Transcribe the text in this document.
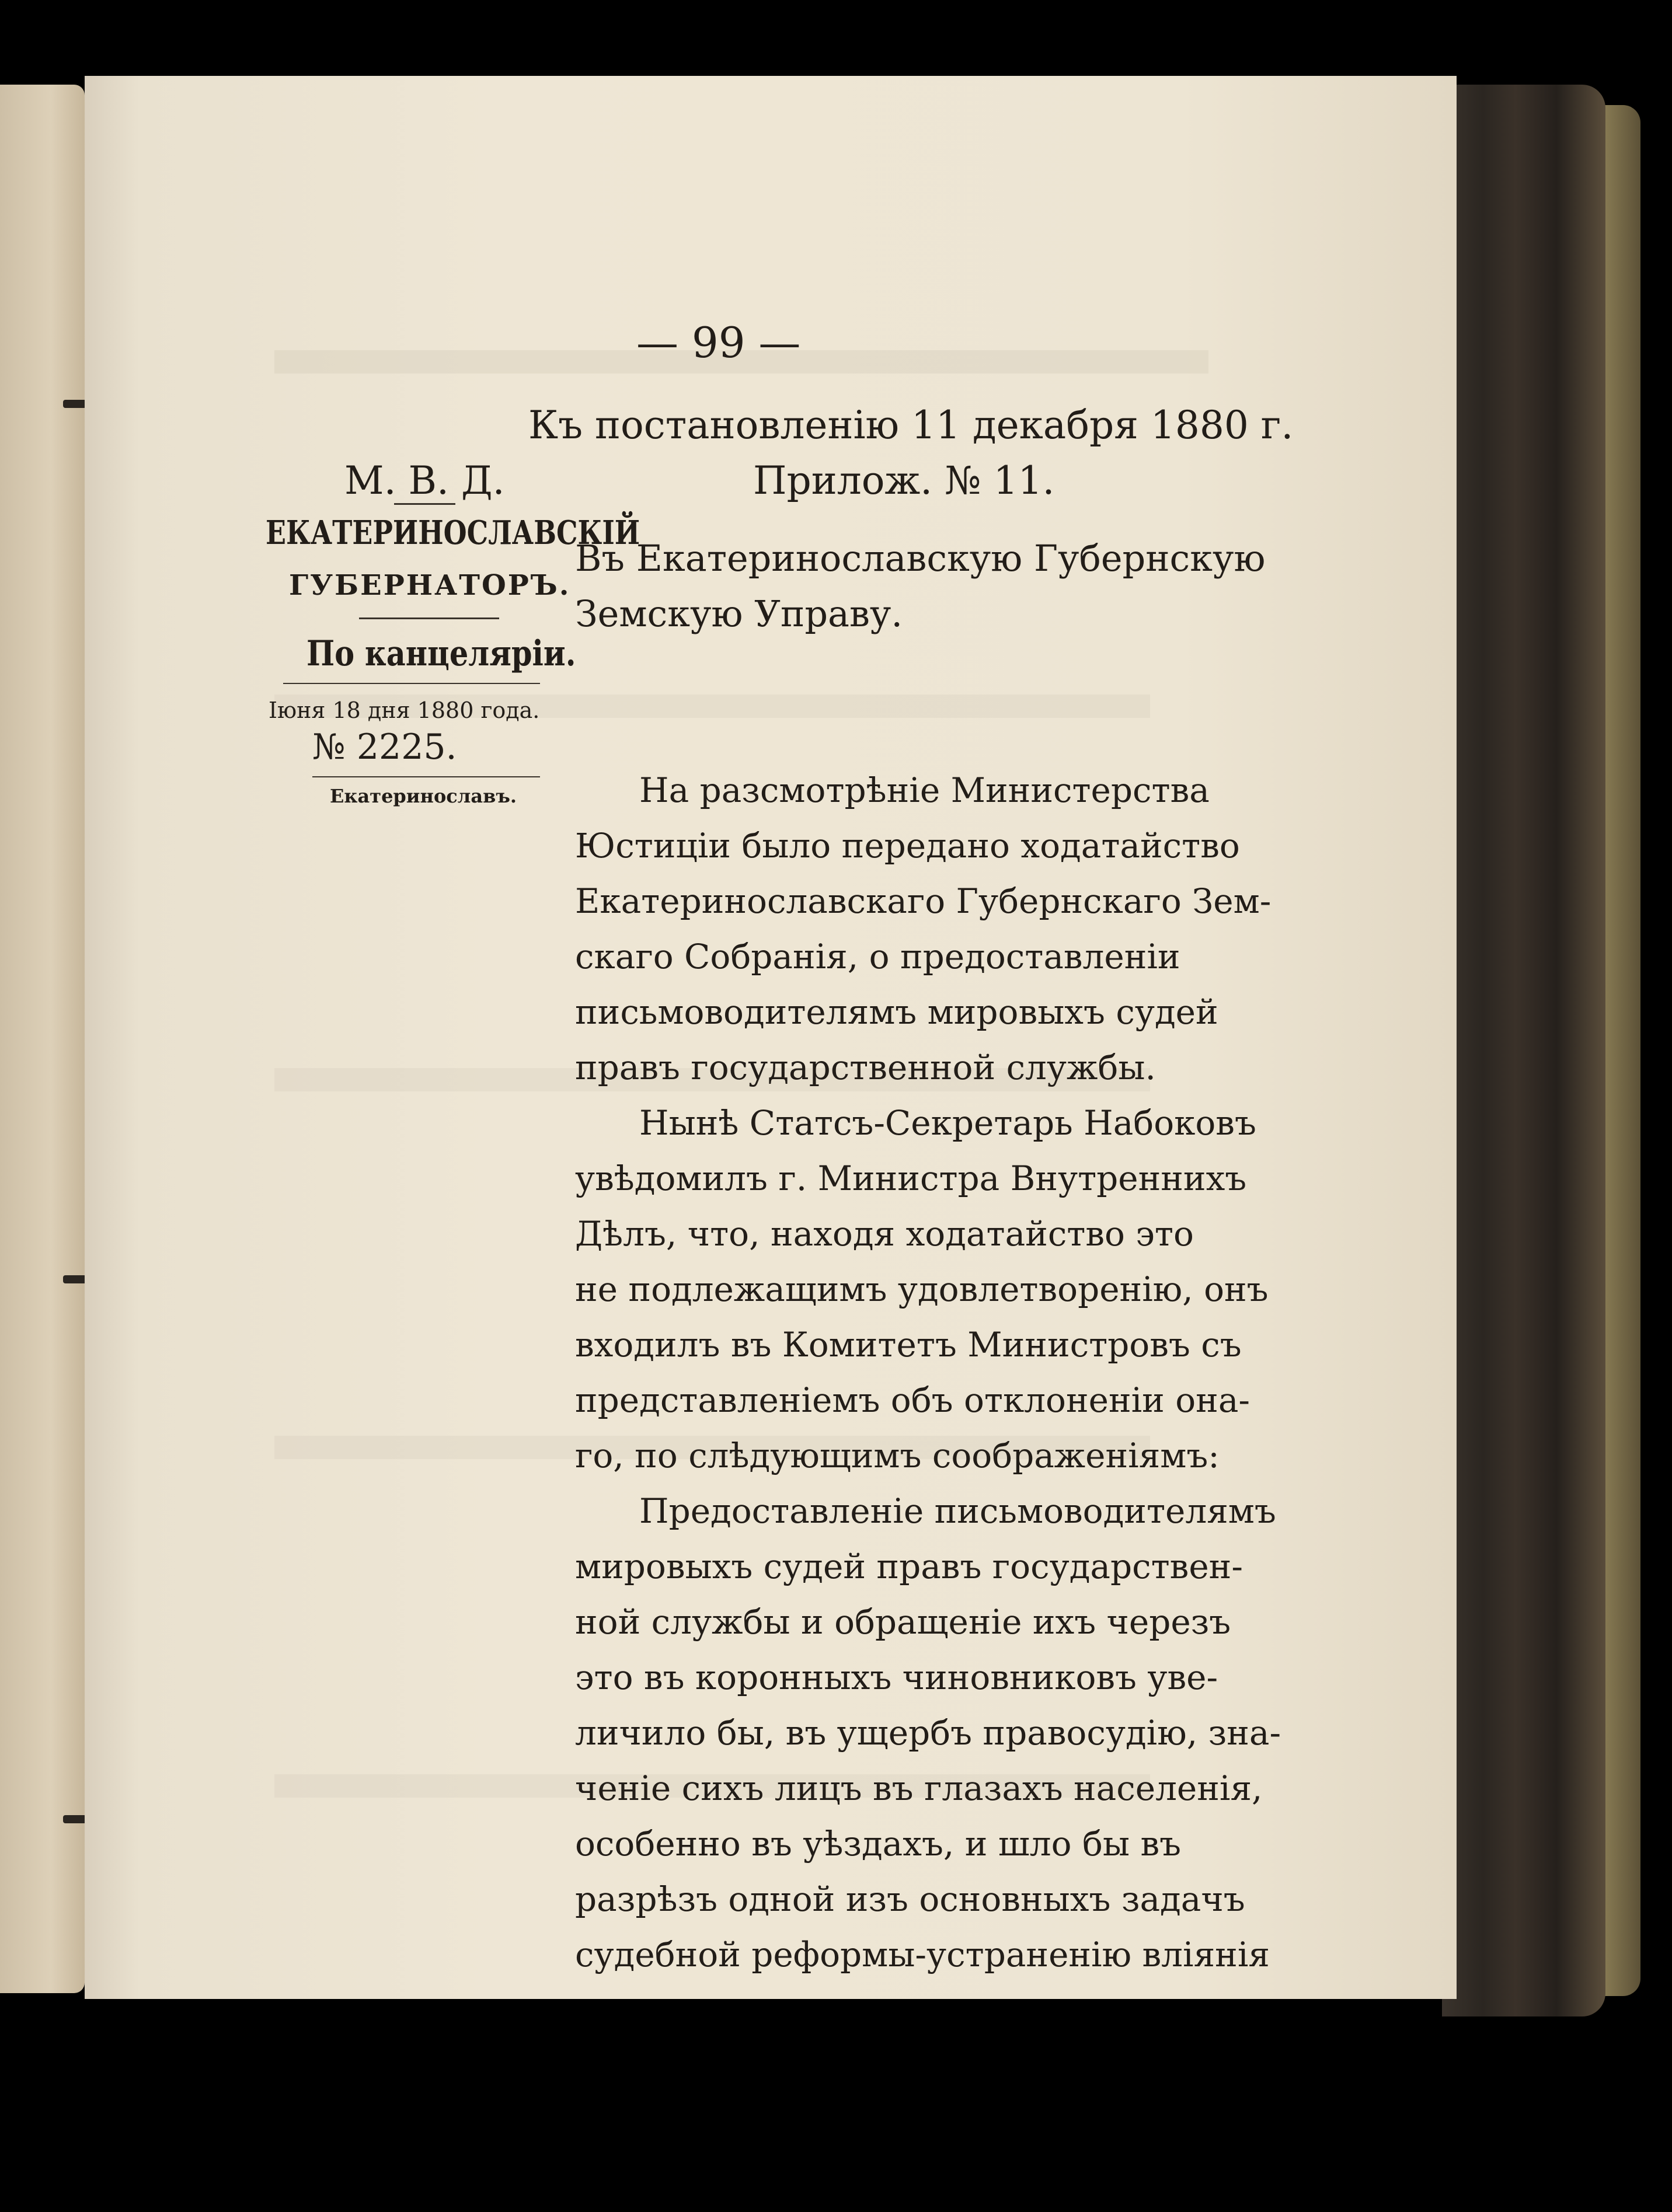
— 99 —
Къ постановленію 11 декабря 1880 г.
М. В. Д.	Прилож. № 11.
ЕКАТЕРИНОСЛАВСКІЙ
ГУБЕРНАТОРЪ.
По канцеляріи.
Іюня 18 дня 1880 года.
№ 2225.
Екатеринославъ.
Въ Екатеринославскую Губернскую
Земскую Управу.
На разсмотрѣніе Министерства
Юстиціи было передано ходатайство
Екатеринославскаго Губернскаго Зем-
скаго Собранія, о предоставленіи
письмоводителямъ мировыхъ судей
правъ государственной службы.
Нынѣ Статсъ-Секретарь Набоковъ
увѣдомилъ г. Министра Внутреннихъ
Дѣлъ, что, находя ходатайство это
не подлежащимъ удовлетворенію, онъ
входилъ въ Комитетъ Министровъ съ
представленіемъ объ отклоненіи она-
го, по слѣдующимъ соображеніямъ:
Предоставленіе письмоводителямъ
мировыхъ судей правъ государствен-
ной службы и обращеніе ихъ черезъ
это въ коронныхъ чиновниковъ уве-
личило бы, въ ущербъ правосудію, зна-
ченіе сихъ лицъ въ глазахъ населенія,
особенно въ уѣздахъ, и шло бы въ
разрѣзъ одной изъ основныхъ задачъ
судебной реформы-устраненію вліянія
